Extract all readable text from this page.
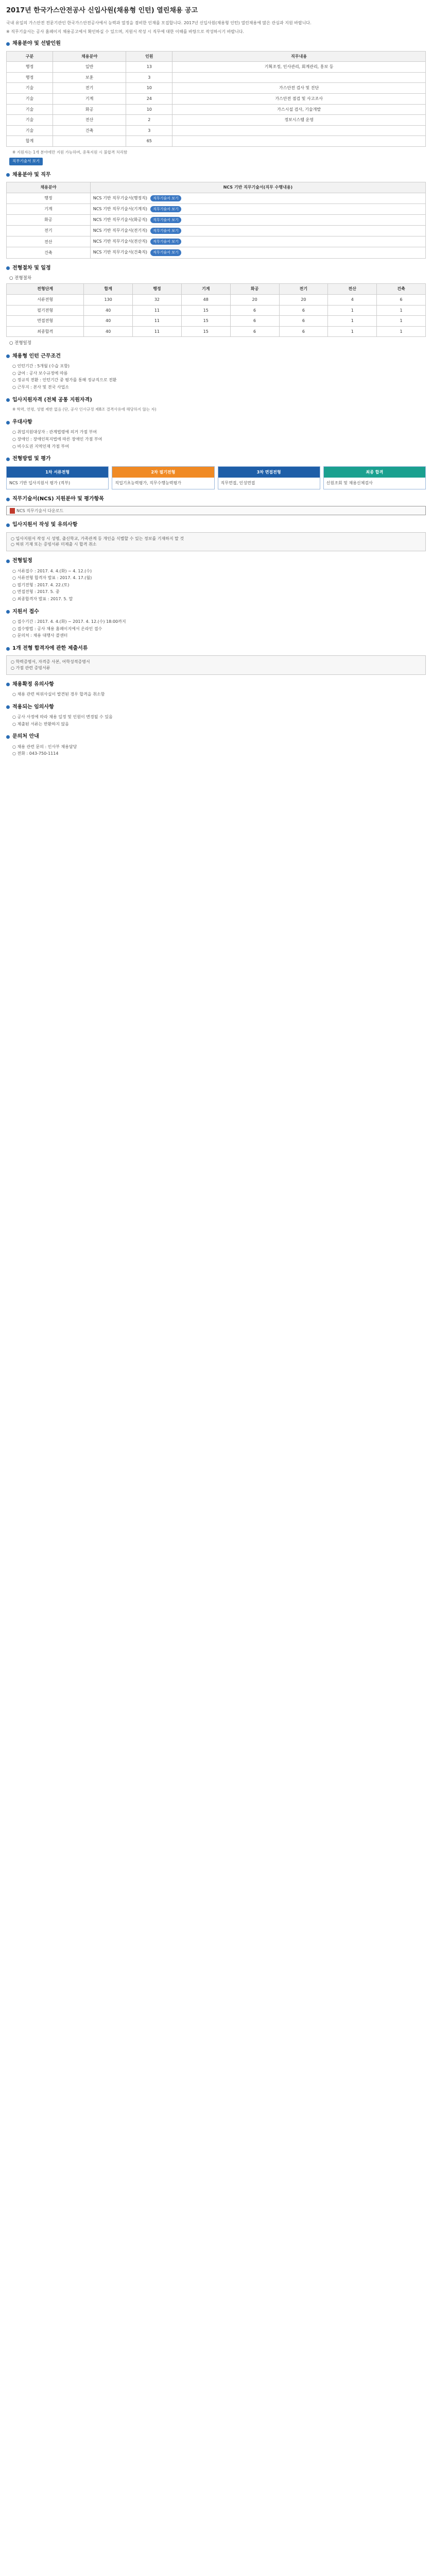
2017년 한국가스안전공사 신입사원(채용형 인턴) 열린채용 공고

국내 유일의 가스안전 전문기관인 한국가스안전공사에서 능력과 열정을 겸비한 인재를 모집합니다. 2017년 신입사원(채용형 인턴) 열린채용에 많은 관심과 지원 바랍니다.

※ 직무기술서는 공사 홈페이지 채용공고에서 확인하실 수 있으며, 지원서 작성 시 직무에 대한 이해를 바탕으로 작성하시기 바랍니다.

채용분야 및 선발인원
구분	채용분야	인원	직무내용
행정	일반	13	기획조정, 인사관리, 회계관리, 홍보 등
행정	보훈	3	
기술	전기	10	가스안전 검사 및 진단
기술	기계	24	가스안전 점검 및 사고조사
기술	화공	10	가스시설 검사, 기술개발
기술	전산	2	정보시스템 운영
기술	건축	3	
합계		65	
※ 지원자는 1개 분야에만 지원 가능하며, 중복지원 시 불합격 처리함
직무기술서 보기
채용분야 및 직무
채용분야	NCS 기반 직무기술서(직무 수행내용)
행정	NCS 기반 직무기술서(행정직) 직무기술서 보기
기계	NCS 기반 직무기술서(기계직) 직무기술서 보기
화공	NCS 기반 직무기술서(화공직) 직무기술서 보기
전기	NCS 기반 직무기술서(전기직) 직무기술서 보기
전산	NCS 기반 직무기술서(전산직) 직무기술서 보기
건축	NCS 기반 직무기술서(건축직) 직무기술서 보기
전형절차 및 일정
○ 전형절차
전형단계	합계	행정	기계	화공	전기	전산	건축
서류전형	130	32	48	20	20	4	6
필기전형	40	11	15	6	6	1	1
면접전형	40	11	15	6	6	1	1
최종합격	40	11	15	6	6	1	1
○ 전형일정
채용형 인턴 근무조건
○ 인턴기간 : 5개월 (수습 포함)
○ 급여 : 공사 보수규정에 따름
○ 정규직 전환 : 인턴기간 중 평가를 통해 정규직으로 전환
○ 근무지 : 본사 및 전국 사업소
입사지원자격 (전체 공통 지원자격)
※ 학력, 연령, 성별 제한 없음 (단, 공사 인사규정 제8조 결격사유에 해당하지 않는 자)
우대사항
○ 취업지원대상자 : 관계법령에 의거 가점 부여
○ 장애인 : 장애인복지법에 따른 장애인 가점 부여
○ 비수도권 지역인재 가점 부여
전형방법 및 평가
1차 서류전형
NCS 기반 입사지원서 평가 (적부)
2차 필기전형
직업기초능력평가, 직무수행능력평가
3차 면접전형
직무면접, 인성면접
최종 합격
신원조회 및 채용신체검사
직무기술서(NCS) 지원분야 및 평가항목
NCS 직무기술서 다운로드
입사지원서 작성 및 유의사항
○ 입사지원서 작성 시 성명, 출신학교, 가족관계 등 개인을 식별할 수 있는 정보를 기재하지 말 것
○ 허위 기재 또는 증빙서류 미제출 시 합격 취소
전형일정
○ 서류접수 : 2017. 4. 4.(화) ~ 4. 12.(수)
○ 서류전형 합격자 발표 : 2017. 4. 17.(월)
○ 필기전형 : 2017. 4. 22.(토)
○ 면접전형 : 2017. 5. 중
○ 최종합격자 발표 : 2017. 5. 말
지원서 접수
○ 접수기간 : 2017. 4. 4.(화) ~ 2017. 4. 12.(수) 18:00까지
○ 접수방법 : 공사 채용 홈페이지에서 온라인 접수
○ 문의처 : 채용 대행사 콜센터
1개 전형 합격자에 관한 제출서류
○ 학력증명서, 자격증 사본, 어학성적증명서
○ 가점 관련 증빙서류
채용확정 유의사항
○ 채용 관련 허위사실이 발견된 경우 합격을 취소함
적용되는 임의사항
○ 공사 사정에 따라 채용 일정 및 인원이 변경될 수 있음
○ 제출된 서류는 반환하지 않음
문의처 안내
○ 채용 관련 문의 : 인사부 채용담당
○ 전화 : 043-750-1114
